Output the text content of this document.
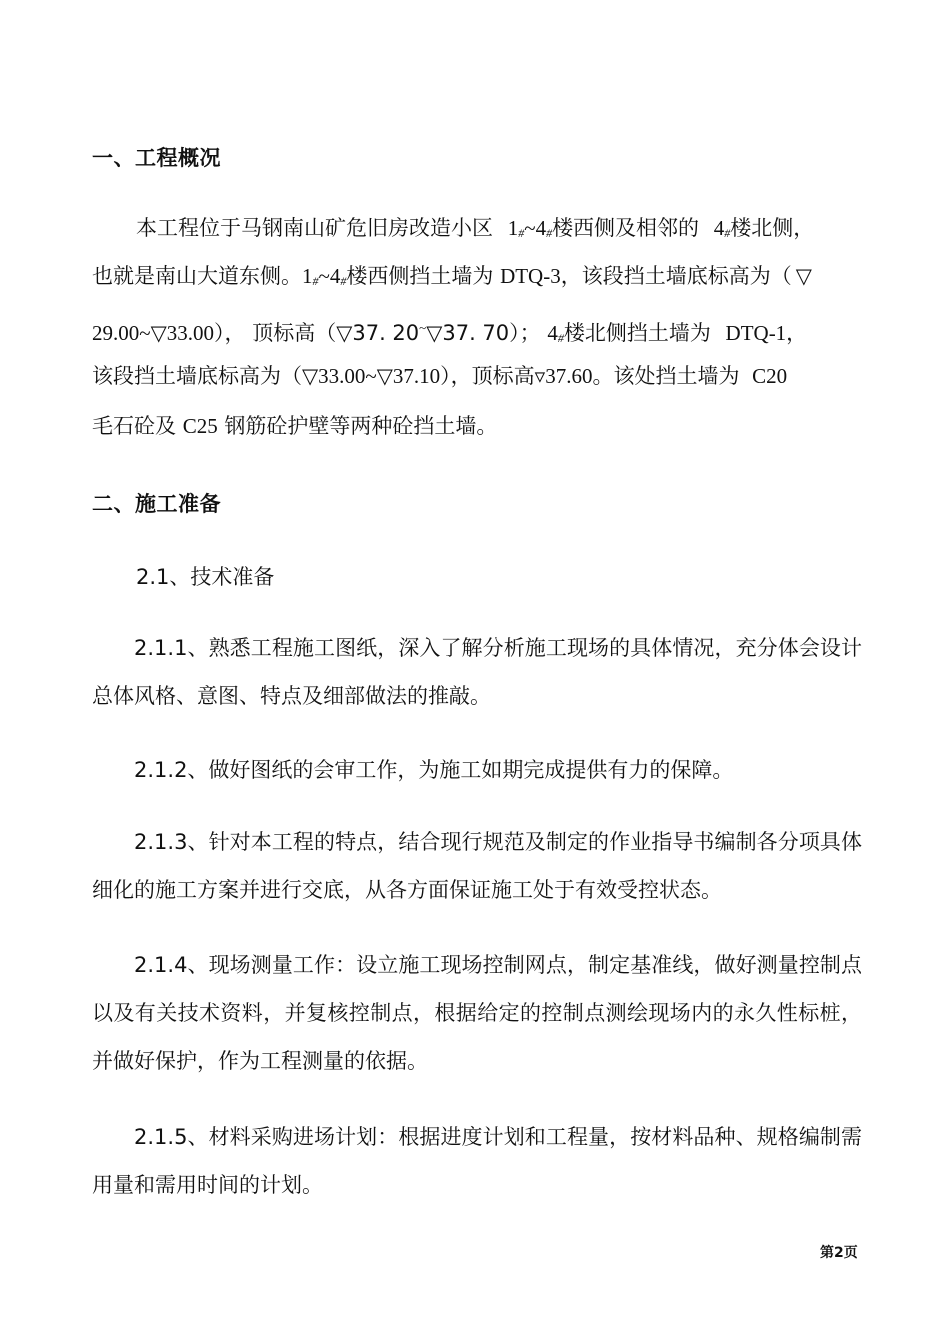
一、工程概况
本工程位于马钢南山矿危旧房改造小区 1#~4#楼西侧及相邻的 4#楼北侧，
也就是南山大道东侧。1#~4#楼西侧挡土墙为 DTQ-3，该段挡土墙底标高为（ ▽
29.00~▽33.00）， 顶标高（▽37. 20~▽37. 70）； 4#楼北侧挡土墙为 DTQ-1，
该段挡土墙底标高为（▽33.00~▽37.10），顶标高▿37.60。该处挡土墙为 C20
毛石砼及 C25 钢筋砼护壁等两种砼挡土墙。
二、施工准备
2.1、技术准备
2.1.1、熟悉工程施工图纸，深入了解分析施工现场的具体情况，充分体会设计总体风格、意图、特点及细部做法的推敲。
2.1.2、做好图纸的会审工作，为施工如期完成提供有力的保障。
2.1.3、针对本工程的特点，结合现行规范及制定的作业指导书编制各分项具体细化的施工方案并进行交底，从各方面保证施工处于有效受控状态。
2.1.4、现场测量工作：设立施工现场控制网点，制定基准线，做好测量控制点以及有关技术资料，并复核控制点，根据给定的控制点测绘现场内的永久性标桩，并做好保护，作为工程测量的依据。
2.1.5、材料采购进场计划：根据进度计划和工程量，按材料品种、规格编制需用量和需用时间的计划。
第2页
